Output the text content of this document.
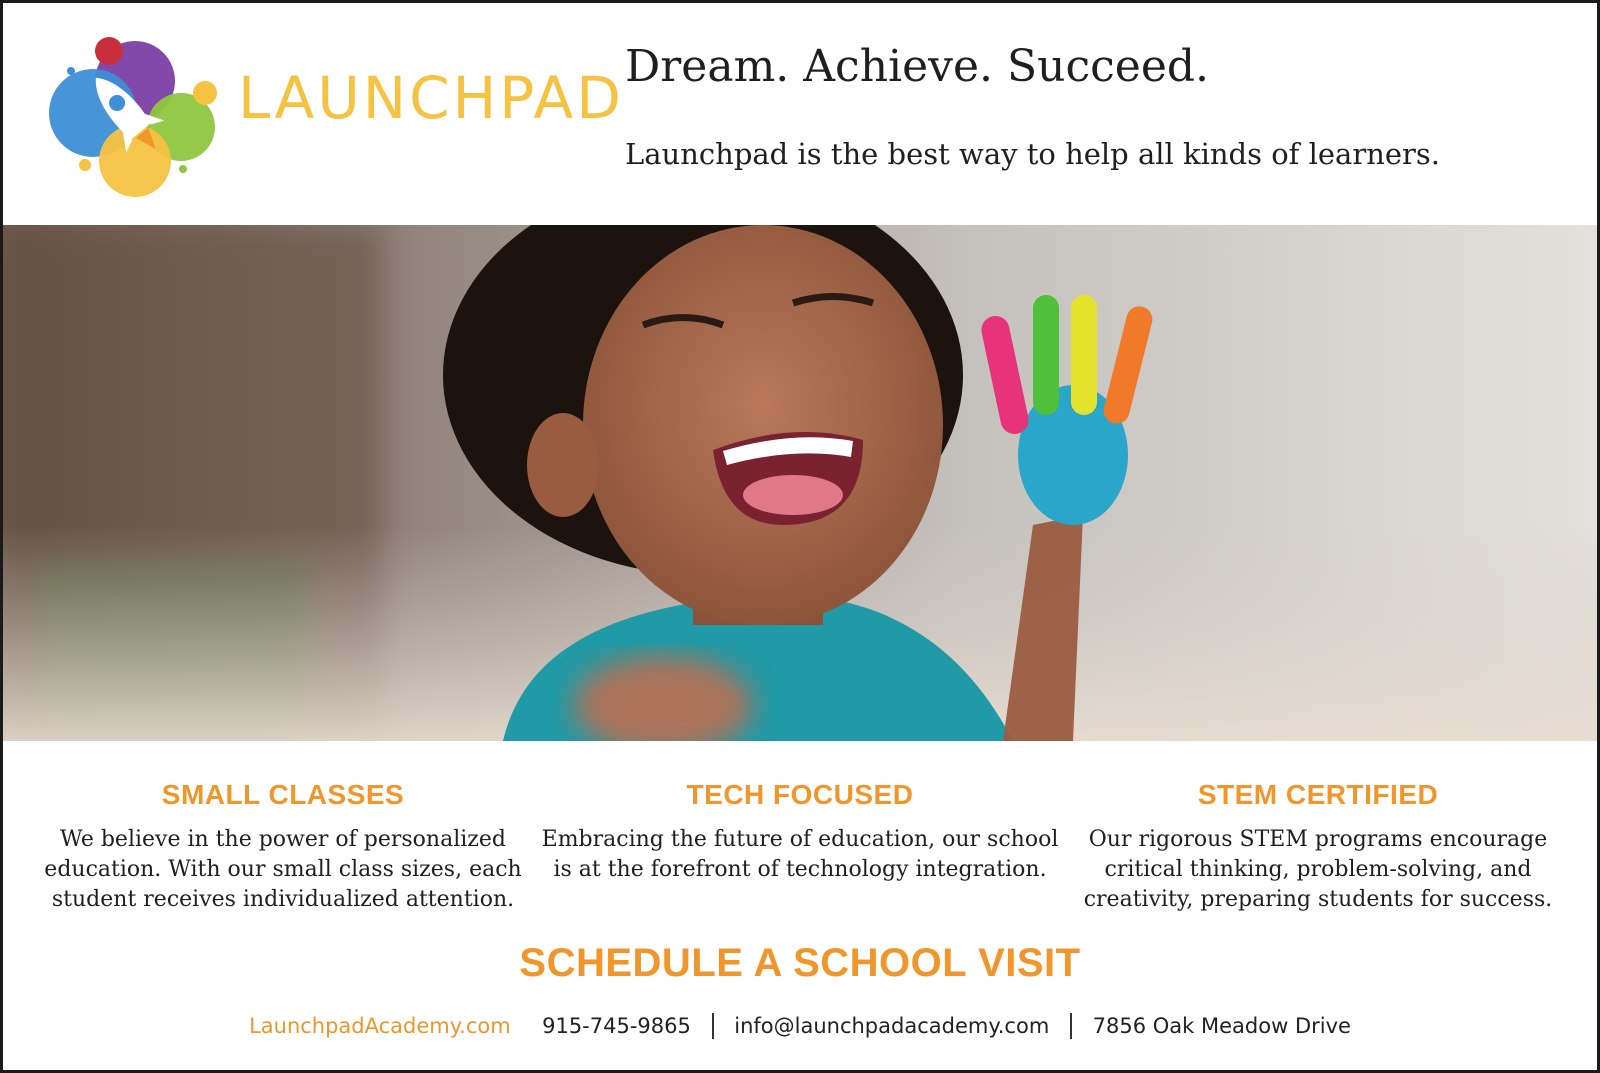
LAUNCHPAD Dream. Achieve. Succeed.
Launchpad is the best way to help all kinds of learners.
SMALL CLASSES

We believe in the power of personalized education. With our small class sizes, each student receives individualized attention.

TECH FOCUSED

Embracing the future of education, our school is at the forefront of technology integration.

STEM CERTIFIED

Our rigorous STEM programs encourage critical thinking, problem-solving, and creativity, preparing students for success.

SCHEDULE A SCHOOL VISIT
LaunchpadAcademy.com 915-745-9865 info@launchpadacademy.com 7856 Oak Meadow Drive
